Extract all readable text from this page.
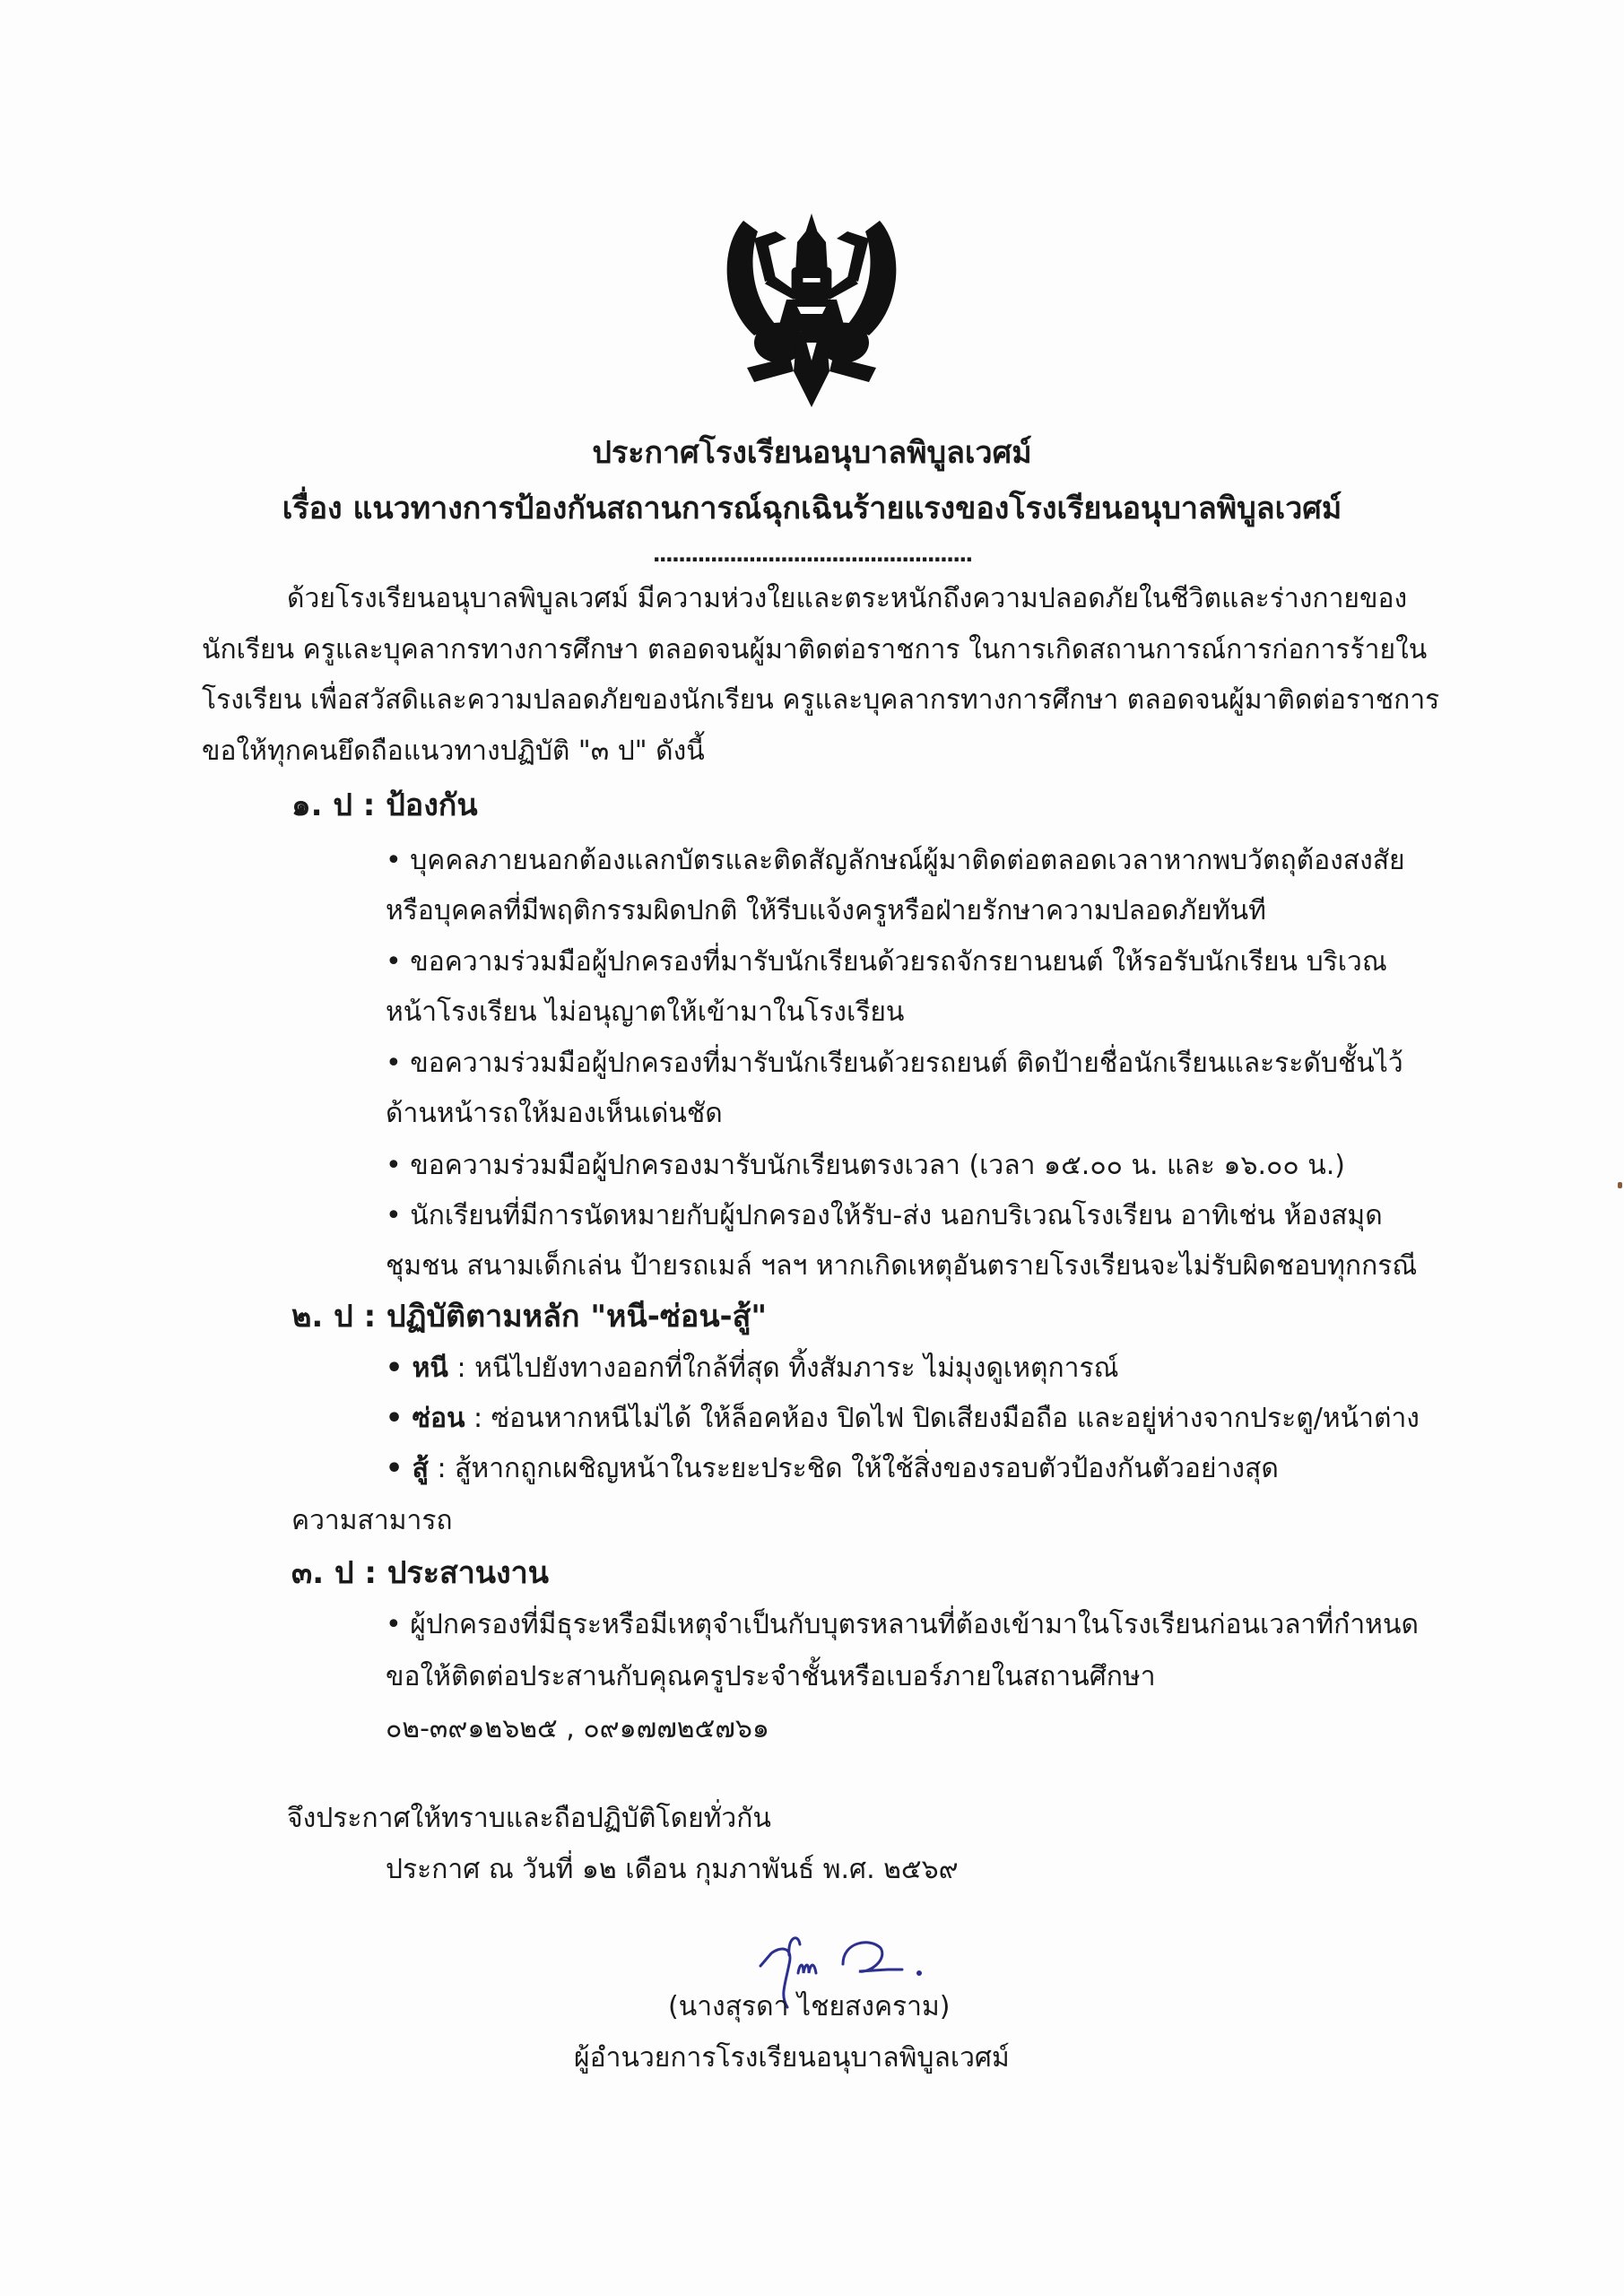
ประกาศโรงเรียนอนุบาลพิบูลเวศม์
เรื่อง แนวทางการป้องกันสถานการณ์ฉุกเฉินร้ายแรงของโรงเรียนอนุบาลพิบูลเวศม์
..................................................
ด้วยโรงเรียนอนุบาลพิบูลเวศม์ มีความห่วงใยและตระหนักถึงความปลอดภัยในชีวิตและร่างกายของ
นักเรียน ครูและบุคลากรทางการศึกษา ตลอดจนผู้มาติดต่อราชการ ในการเกิดสถานการณ์การก่อการร้ายใน
โรงเรียน เพื่อสวัสดิและความปลอดภัยของนักเรียน ครูและบุคลากรทางการศึกษา ตลอดจนผู้มาติดต่อราชการ
ขอให้ทุกคนยึดถือแนวทางปฏิบัติ "๓ ป" ดังนี้
๑. ป : ป้องกัน
• บุคคลภายนอกต้องแลกบัตรและติดสัญลักษณ์ผู้มาติดต่อตลอดเวลาหากพบวัตถุต้องสงสัย
หรือบุคคลที่มีพฤติกรรมผิดปกติ ให้รีบแจ้งครูหรือฝ่ายรักษาความปลอดภัยทันที
• ขอความร่วมมือผู้ปกครองที่มารับนักเรียนด้วยรถจักรยานยนต์ ให้รอรับนักเรียน บริเวณ
หน้าโรงเรียน ไม่อนุญาตให้เข้ามาในโรงเรียน
• ขอความร่วมมือผู้ปกครองที่มารับนักเรียนด้วยรถยนต์ ติดป้ายชื่อนักเรียนและระดับชั้นไว้
ด้านหน้ารถให้มองเห็นเด่นชัด
• ขอความร่วมมือผู้ปกครองมารับนักเรียนตรงเวลา (เวลา ๑๕.๐๐ น. และ ๑๖.๐๐ น.)
• นักเรียนที่มีการนัดหมายกับผู้ปกครองให้รับ-ส่ง นอกบริเวณโรงเรียน อาทิเช่น ห้องสมุด
ชุมชน สนามเด็กเล่น ป้ายรถเมล์ ฯลฯ หากเกิดเหตุอันตรายโรงเรียนจะไม่รับผิดชอบทุกกรณี
๒. ป : ปฏิบัติตามหลัก "หนี-ซ่อน-สู้"
• หนี : หนีไปยังทางออกที่ใกล้ที่สุด ทิ้งสัมภาระ ไม่มุงดูเหตุการณ์
• ซ่อน : ซ่อนหากหนีไม่ได้ ให้ล็อคห้อง ปิดไฟ ปิดเสียงมือถือ และอยู่ห่างจากประตู/หน้าต่าง
• สู้ : สู้หากถูกเผชิญหน้าในระยะประชิด ให้ใช้สิ่งของรอบตัวป้องกันตัวอย่างสุด
ความสามารถ
๓. ป : ประสานงาน
• ผู้ปกครองที่มีธุระหรือมีเหตุจำเป็นกับบุตรหลานที่ต้องเข้ามาในโรงเรียนก่อนเวลาที่กำหนด
ขอให้ติดต่อประสานกับคุณครูประจำชั้นหรือเบอร์ภายในสถานศึกษา
๐๒-๓๙๑๒๖๒๕ , ๐๙๑๗๗๒๕๗๖๑
จึงประกาศให้ทราบและถือปฏิบัติโดยทั่วกัน
ประกาศ ณ วันที่ ๑๒ เดือน กุมภาพันธ์ พ.ศ. ๒๕๖๙
(นางสุรดา ไชยสงคราม)
ผู้อำนวยการโรงเรียนอนุบาลพิบูลเวศม์
